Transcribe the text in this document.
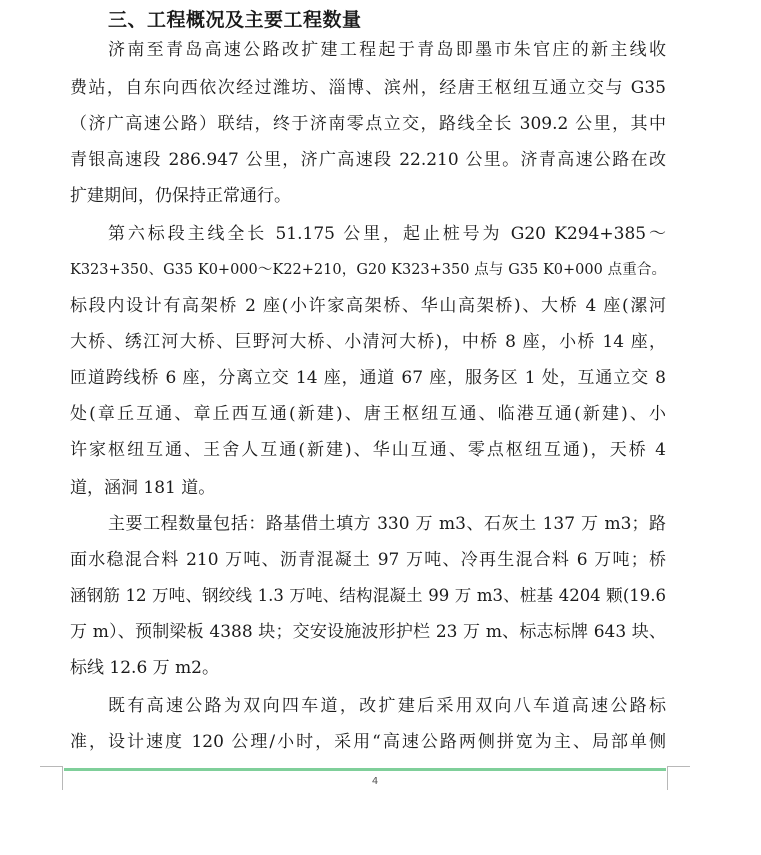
三、工程概况及主要工程数量
济南至青岛高速公路改扩建工程起于青岛即墨市朱官庄的新主线收
费站，自东向西依次经过潍坊、淄博、滨州，经唐王枢纽互通立交与 G35
（济广高速公路）联结，终于济南零点立交，路线全长 309.2 公里，其中
青银高速段 286.947 公里，济广高速段 22.210 公里。济青高速公路在改
扩建期间，仍保持正常通行。
第六标段主线全长 51.175 公里，起止桩号为 G20 K294+385～
K323+350、G35 K0+000～K22+210，G20 K323+350 点与 G35 K0+000 点重合。
标段内设计有高架桥 2 座(小许家高架桥、华山高架桥)、大桥 4 座(漯河
大桥、绣江河大桥、巨野河大桥、小清河大桥)，中桥 8 座，小桥 14 座，
匝道跨线桥 6 座，分离立交 14 座，通道 67 座，服务区 1 处，互通立交 8
处(章丘互通、章丘西互通(新建)、唐王枢纽互通、临港互通(新建)、小
许家枢纽互通、王舍人互通(新建)、华山互通、零点枢纽互通)，天桥 4
道，涵洞 181 道。
主要工程数量包括：路基借土填方 330 万 m3、石灰土 137 万 m3；路
面水稳混合料 210 万吨、沥青混凝土 97 万吨、冷再生混合料 6 万吨；桥
涵钢筋 12 万吨、钢绞线 1.3 万吨、结构混凝土 99 万 m3、桩基 4204 颗(19.6
万 m）、预制梁板 4388 块；交安设施波形护栏 23 万 m、标志标牌 643 块、
标线 12.6 万 m2。
既有高速公路为双向四车道，改扩建后采用双向八车道高速公路标
准，设计速度 120 公理/小时，采用“高速公路两侧拼宽为主、局部单侧
4
